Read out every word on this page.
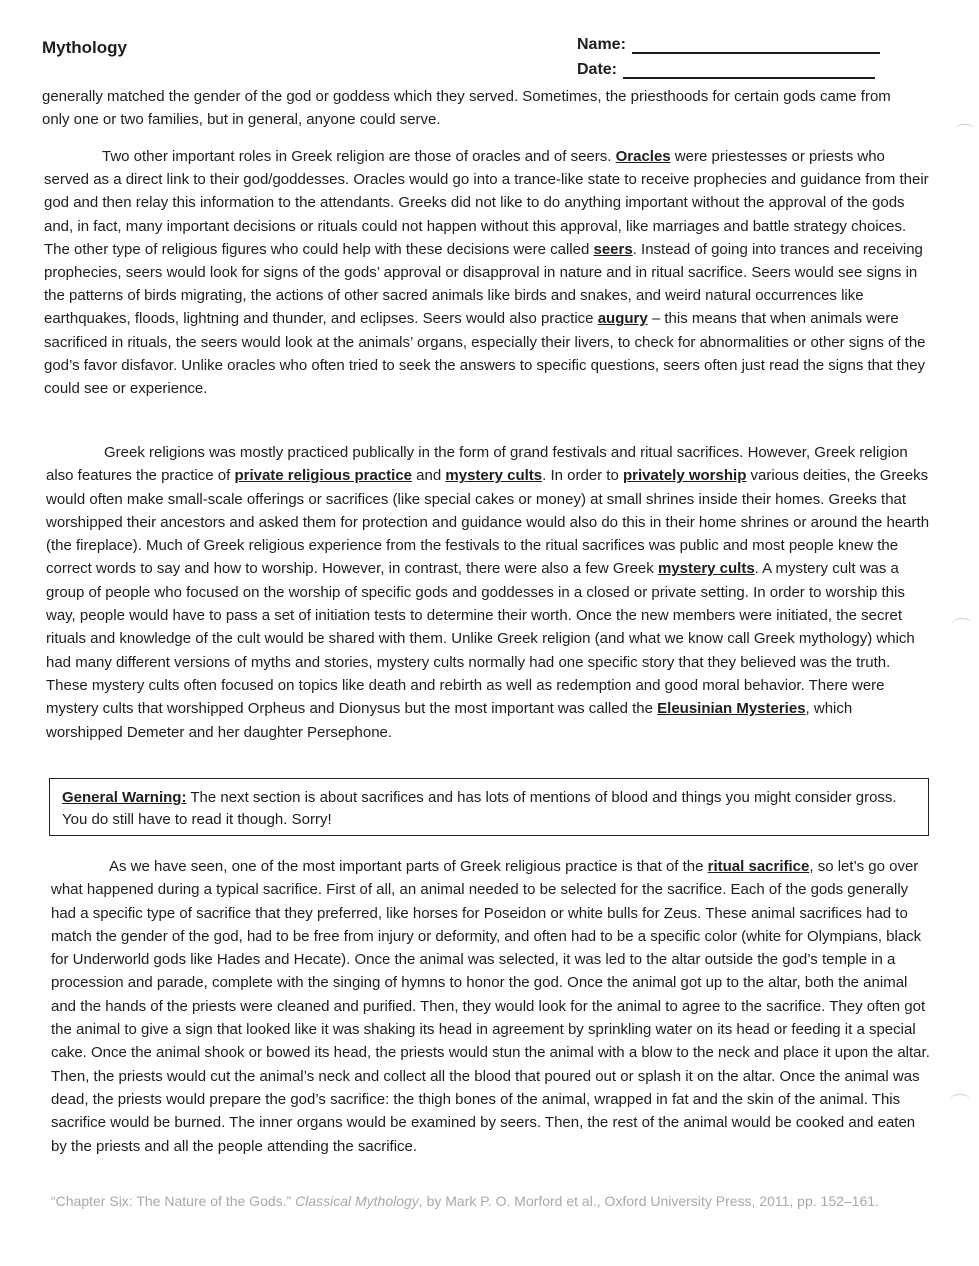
Mythology	Name:
Date:

generally matched the gender of the god or goddess which they served. Sometimes, the priesthoods for certain gods came from only one or two families, but in general, anyone could serve.

Two other important roles in Greek religion are those of oracles and of seers. Oracles were priestesses or priests who served as a direct link to their god/goddesses. Oracles would go into a trance-like state to receive prophecies and guidance from their god and then relay this information to the attendants. Greeks did not like to do anything important without the approval of the gods and, in fact, many important decisions or rituals could not happen without this approval, like marriages and battle strategy choices. The other type of religious figures who could help with these decisions were called seers. Instead of going into trances and receiving prophecies, seers would look for signs of the gods’ approval or disapproval in nature and in ritual sacrifice. Seers would see signs in the patterns of birds migrating, the actions of other sacred animals like birds and snakes, and weird natural occurrences like earthquakes, floods, lightning and thunder, and eclipses. Seers would also practice augury – this means that when animals were sacrificed in rituals, the seers would look at the animals’ organs, especially their livers, to check for abnormalities or other signs of the god’s favor disfavor. Unlike oracles who often tried to seek the answers to specific questions, seers often just read the signs that they could see or experience.

Greek religions was mostly practiced publically in the form of grand festivals and ritual sacrifices. However, Greek religion also features the practice of private religious practice and mystery cults. In order to privately worship various deities, the Greeks would often make small-scale offerings or sacrifices (like special cakes or money) at small shrines inside their homes. Greeks that worshipped their ancestors and asked them for protection and guidance would also do this in their home shrines or around the hearth (the fireplace). Much of Greek religious experience from the festivals to the ritual sacrifices was public and most people knew the correct words to say and how to worship. However, in contrast, there were also a few Greek mystery cults. A mystery cult was a group of people who focused on the worship of specific gods and goddesses in a closed or private setting. In order to worship this way, people would have to pass a set of initiation tests to determine their worth. Once the new members were initiated, the secret rituals and knowledge of the cult would be shared with them. Unlike Greek religion (and what we know call Greek mythology) which had many different versions of myths and stories, mystery cults normally had one specific story that they believed was the truth. These mystery cults often focused on topics like death and rebirth as well as redemption and good moral behavior. There were mystery cults that worshipped Orpheus and Dionysus but the most important was called the Eleusinian Mysteries, which worshipped Demeter and her daughter Persephone.

General Warning: The next section is about sacrifices and has lots of mentions of blood and things you might consider gross. You do still have to read it though. Sorry!

As we have seen, one of the most important parts of Greek religious practice is that of the ritual sacrifice, so let’s go over what happened during a typical sacrifice. First of all, an animal needed to be selected for the sacrifice. Each of the gods generally had a specific type of sacrifice that they preferred, like horses for Poseidon or white bulls for Zeus. These animal sacrifices had to match the gender of the god, had to be free from injury or deformity, and often had to be a specific color (white for Olympians, black for Underworld gods like Hades and Hecate). Once the animal was selected, it was led to the altar outside the god’s temple in a procession and parade, complete with the singing of hymns to honor the god. Once the animal got up to the altar, both the animal and the hands of the priests were cleaned and purified. Then, they would look for the animal to agree to the sacrifice. They often got the animal to give a sign that looked like it was shaking its head in agreement by sprinkling water on its head or feeding it a special cake. Once the animal shook or bowed its head, the priests would stun the animal with a blow to the neck and place it upon the altar. Then, the priests would cut the animal’s neck and collect all the blood that poured out or splash it on the altar. Once the animal was dead, the priests would prepare the god’s sacrifice: the thigh bones of the animal, wrapped in fat and the skin of the animal. This sacrifice would be burned. The inner organs would be examined by seers. Then, the rest of the animal would be cooked and eaten by the priests and all the people attending the sacrifice.

“Chapter Six: The Nature of the Gods.” Classical Mythology, by Mark P. O. Morford et al., Oxford University Press, 2011, pp. 152–161.
